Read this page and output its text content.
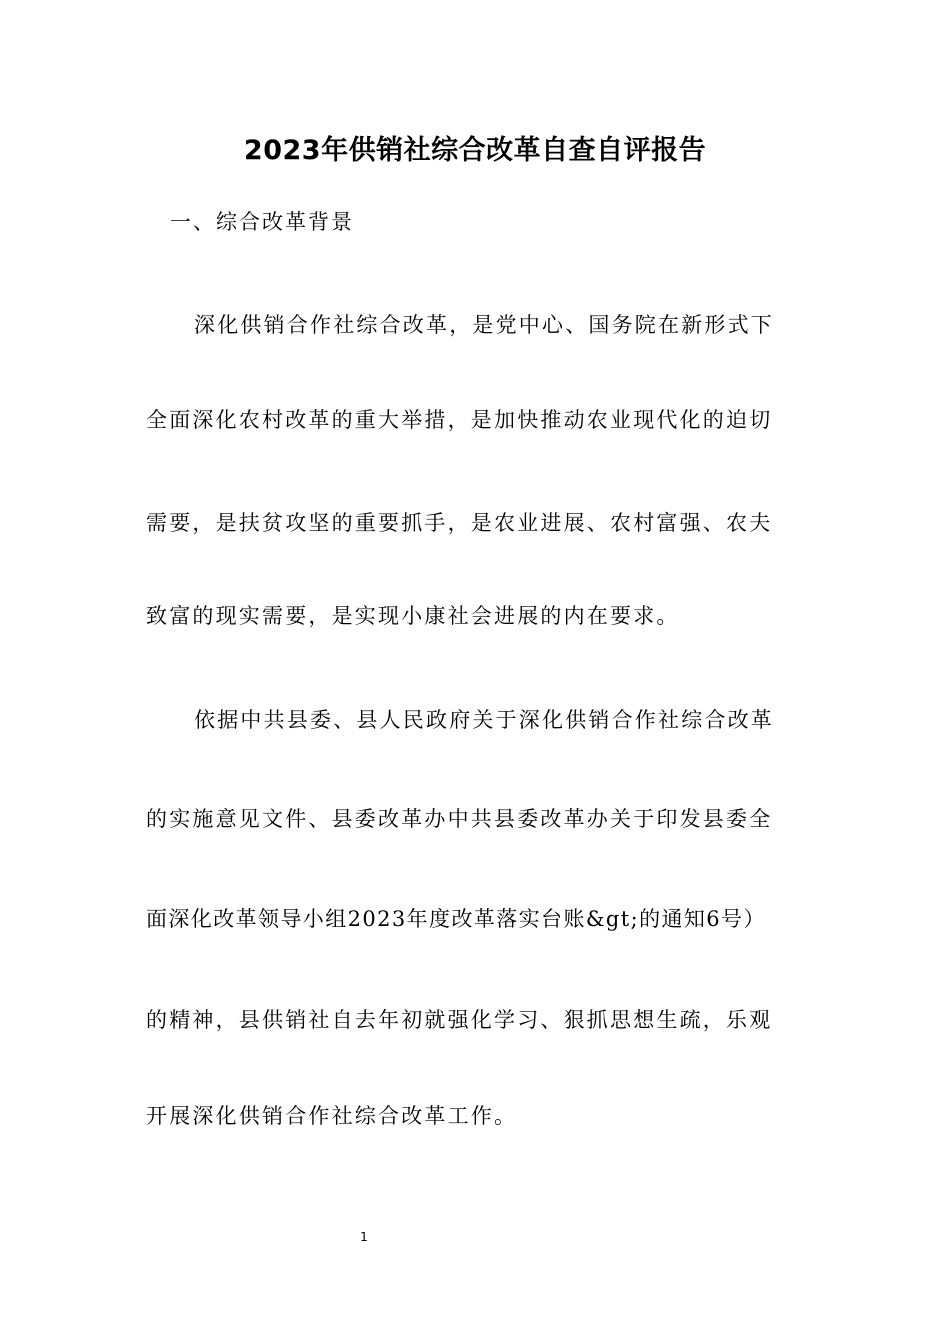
2023年供销社综合改革自查自评报告
一、综合改革背景
深化供销合作社综合改革，是党中心、国务院在新形式下
全面深化农村改革的重大举措，是加快推动农业现代化的迫切
需要，是扶贫攻坚的重要抓手，是农业进展、农村富强、农夫
致富的现实需要，是实现小康社会进展的内在要求。
依据中共县委、县人民政府关于深化供销合作社综合改革
的实施意见文件、县委改革办中共县委改革办关于印发县委全
面深化改革领导小组2023年度改革落实台账&gt;的通知6号）
的精神，县供销社自去年初就强化学习、狠抓思想生疏，乐观
开展深化供销合作社综合改革工作。
1
